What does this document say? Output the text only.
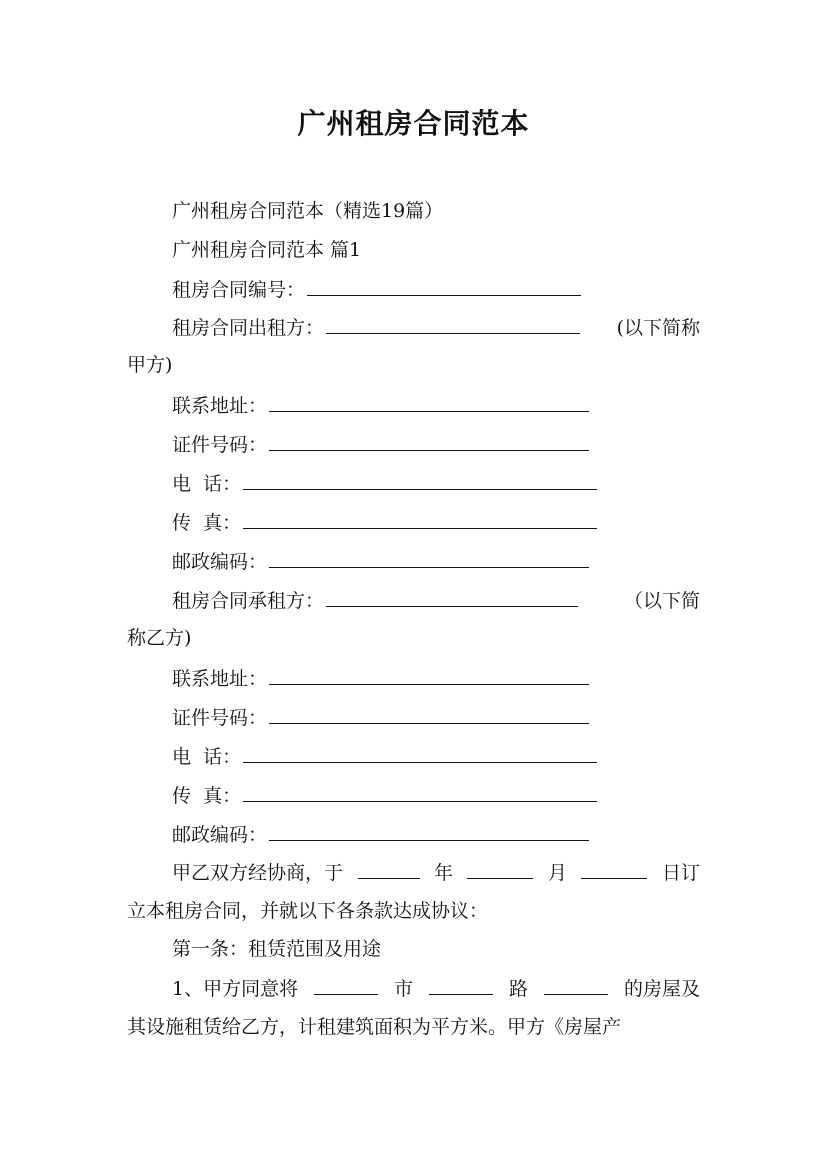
广州租房合同范本
广州租房合同范本（精选19篇）
广州租房合同范本 篇1
租房合同编号：
租房合同出租方：	(以下简称
甲方)
联系地址：
证件号码：
电  话：
传  真：
邮政编码：
租房合同承租方：	（以下简
称乙方)
联系地址：
证件号码：
电  话：
传  真：
邮政编码：
甲乙双方经协商，于	年	月	日订
立本租房合同，并就以下各条款达成协议：
第一条：租赁范围及用途
1、甲方同意将	市	路	的房屋及
其设施租赁给乙方，计租建筑面积为平方米。甲方《房屋产
